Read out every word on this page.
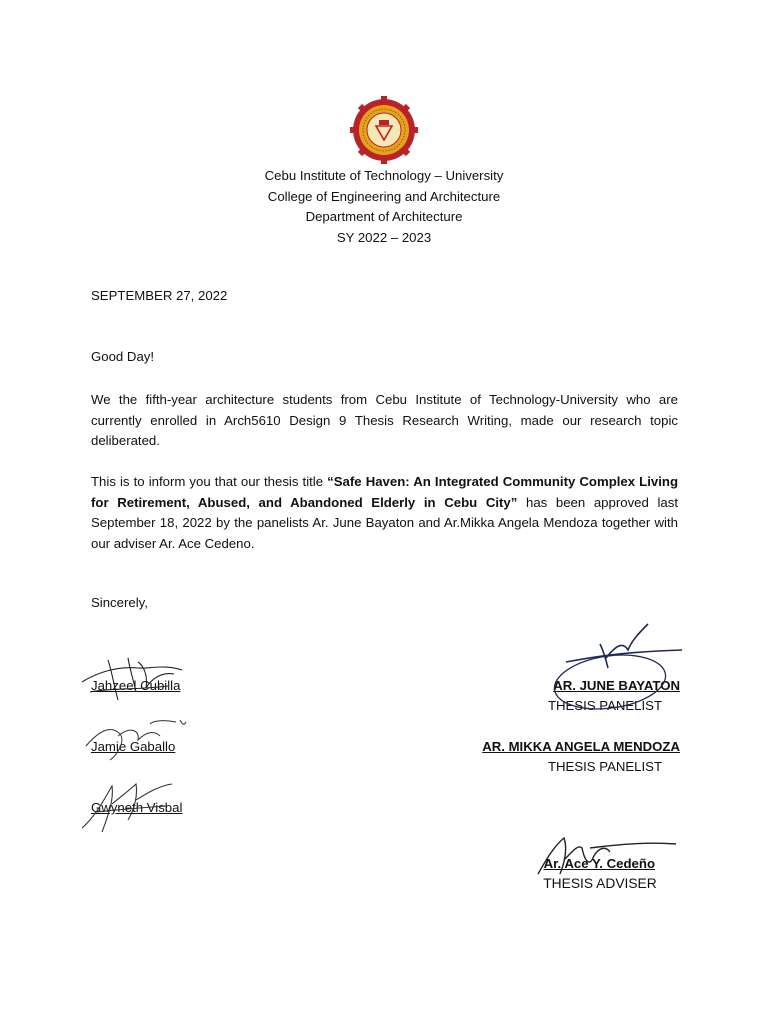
Cebu Institute of Technology – University
College of Engineering and Architecture
Department of Architecture
SY 2022 – 2023
SEPTEMBER 27, 2022
Good Day!
We the fifth-year architecture students from Cebu Institute of Technology-University who are currently enrolled in Arch5610 Design 9 Thesis Research Writing, made our research topic deliberated.
This is to inform you that our thesis title “Safe Haven: An Integrated Community Complex Living for Retirement, Abused, and Abandoned Elderly in Cebu City” has been approved last September 18, 2022 by the panelists Ar. June Bayaton and Ar.Mikka Angela Mendoza together with our adviser Ar. Ace Cedeno.
Sincerely,
Jahzeel Cubilla
Jamie Gaballo
Gwyneth Visbal
AR. JUNE BAYATON
THESIS PANELIST
AR. MIKKA ANGELA MENDOZA
THESIS PANELIST
Ar. Ace Y. Cedeño
THESIS ADVISER
